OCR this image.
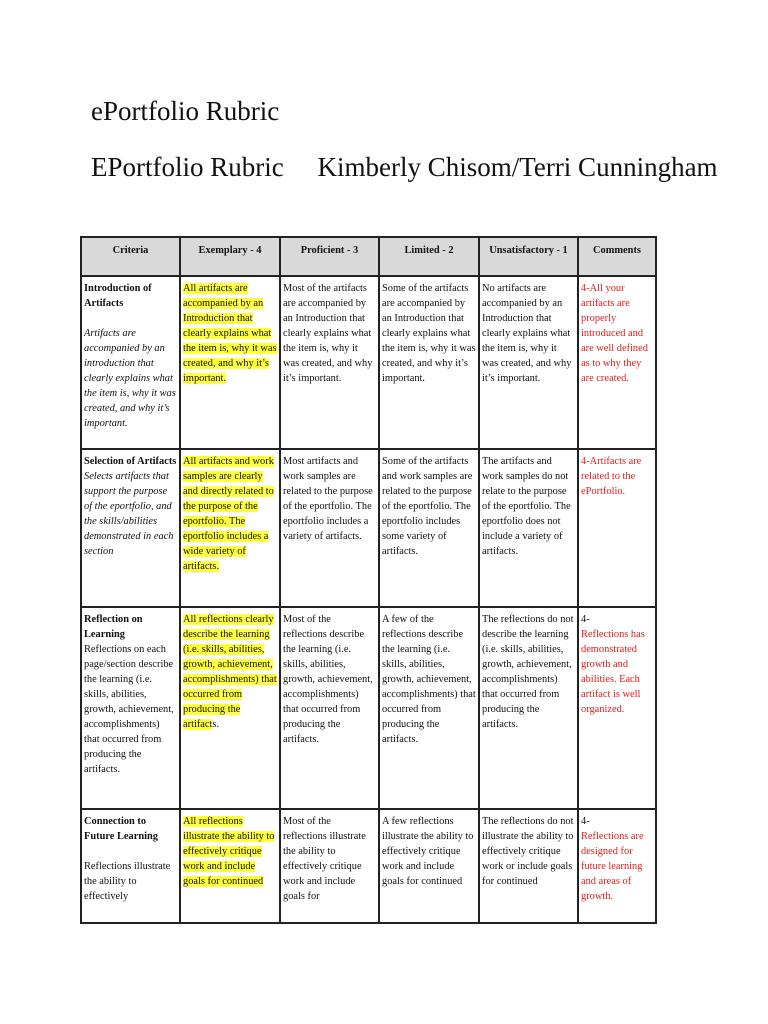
ePortfolio Rubric
EPortfolio Rubric     Kimberly Chisom/Terri Cunningham
Criteria	Exemplary - 4	Proficient - 3	Limited - 2	Unsatisfactory - 1	Comments

Introduction of Artifacts
Artifacts are accompanied by an introduction that clearly explains what the item is, why it was created, and why it’s important.	All artifacts are accompanied by an Introduction that clearly explains what the item is, why it was created, and why it’s important.	Most of the artifacts are accompanied by an Introduction that clearly explains what the item is, why it was created, and why it’s important.	Some of the artifacts are accompanied by an Introduction that clearly explains what the item is, why it was created, and why it’s important.	No artifacts are accompanied by an Introduction that clearly explains what the item is, why it was created, and why it’s important.	4-All your artifacts are properly introduced and are well defined as to why they are created.

Selection of Artifacts
Selects artifacts that support the purpose of the eportfolio, and the skills/abilities demonstrated in each section	All artifacts and work samples are clearly and directly related to the purpose of the eportfolio. The eportfolio includes a wide variety of artifacts.	Most artifacts and work samples are related to the purpose of the eportfolio. The eportfolio includes a variety of artifacts.	Some of the artifacts and work samples are related to the purpose of the eportfolio. The eportfolio includes some variety of artifacts.	The artifacts and work samples do not relate to the purpose of the eportfolio. The eportfolio does not include a variety of artifacts.	4-Artifacts are related to the ePortfolio.

Reflection on Learning
Reflections on each page/section describe the learning (i.e. skills, abilities, growth, achievement, accomplishments) that occurred from producing the artifacts.	All reflections clearly describe the learning (i.e. skills, abilities, growth, achievement, accomplishments) that occurred from producing the artifacts.	Most of the reflections describe the learning (i.e. skills, abilities, growth, achievement, accomplishments) that occurred from producing the artifacts.	A few of the reflections describe the learning (i.e. skills, abilities, growth, achievement, accomplishments) that occurred from producing the artifacts.	The reflections do not describe the learning (i.e. skills, abilities, growth, achievement, accomplishments) that occurred from producing the artifacts.	4-
Reflections has demonstrated growth and abilities. Each artifact is well organized.

Connection to Future Learning
Reflections illustrate the ability to effectively	All reflections illustrate the ability to effectively critique work and include goals for continued	Most of the reflections illustrate the ability to effectively critique work and include goals for	A few reflections illustrate the ability to effectively critique work and include goals for continued	The reflections do not illustrate the ability to effectively critique work or include goals for continued	4-
Reflections are designed for future learning and areas of growth.
